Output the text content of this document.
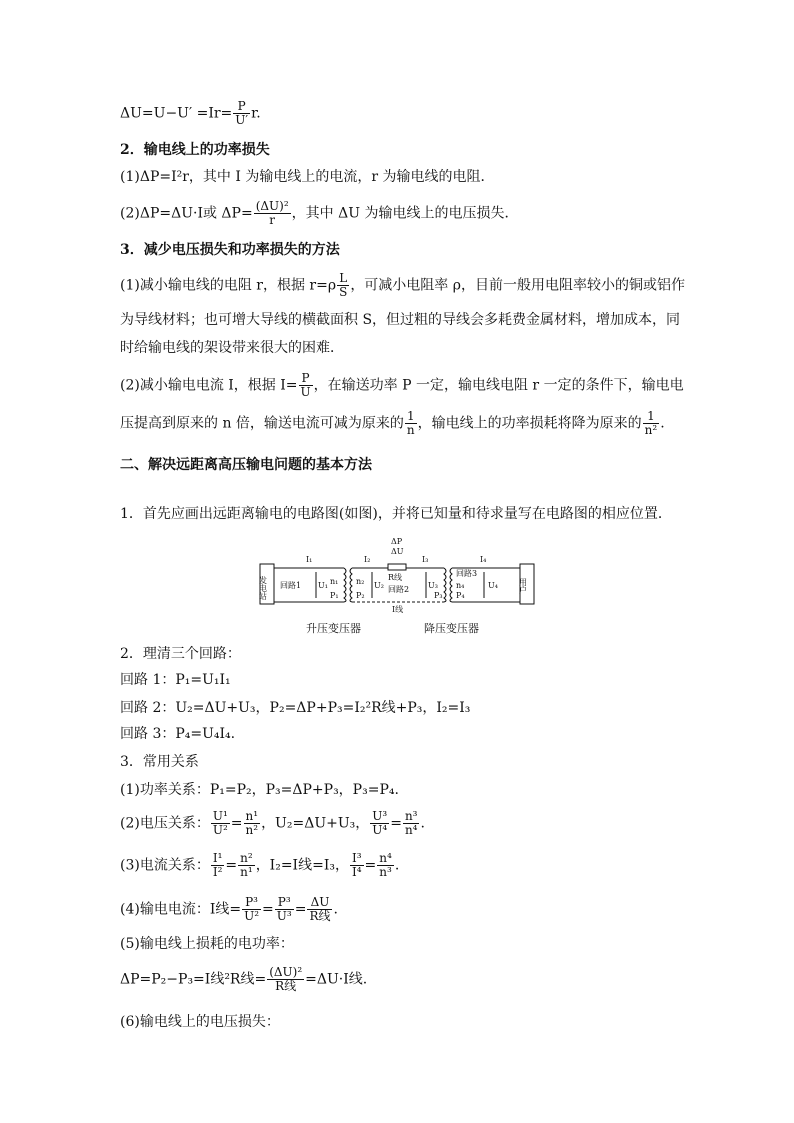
$\Delta U=U-U' =Ir= \frac{P}{U'} r$.
2．输电线上的功率损失
(1)ΔP=I²r，其中 I 为输电线上的电流，r 为输电线的电阻．
(2)ΔP=ΔU·I或 $\Delta P= \frac{\text{(ΔU)²}}{r}$ ，其中 ΔU 为输电线上的电压损失．
3．减少电压损失和功率损失的方法
(1)减小输电线的电阻 r，根据 $r=\rho \frac{L}{S}$ ，可减小电阻率 ρ，目前一般用电阻率较小的铜或铝作
为导线材料；也可增大导线的横截面积 S，但过粗的导线会多耗费金属材料，增加成本，同
时给输电线的架设带来很大的困难．
(2)减小输电电流 I，根据 $I= \frac{P}{U}$ ，在输送功率 P 一定，输电线电阻 r 一定的条件下，输电电
压提高到原来的 n 倍，输送电流可减为原来的 $\frac{1}{n}$ ，输电线上的功率损耗将降为原来的 $\frac{1}{\text{n²}}$ .
二、解决远距离高压输电问题的基本方法
1．首先应画出远距离输电的电路图(如图)，并将已知量和待求量写在电路图的相应位置．
发电站	用户
回路1
I₁
U₁ n₁
P₁
I₂
n₂
P₂
U₂
ΔP
ΔU
R线
回路2
I线
I₃
U₃
P₃
回路3
I₄
n₄
P₄
U₄
升压变压器	降压变压器
2．理清三个回路：
回路 1：P₁=U₁I₁
回路 2：U₂=ΔU+U₃，P₂=ΔP+P₃=I₂²R线+P₃，I₂=I₃
回路 3：P₄=U₄I₄.
3．常用关系
(1)功率关系：P₁=P₂，P₃=ΔP+P₃，P₃=P₄.
(2)电压关系： $\frac{\text{U¹}}{\text{U²}} = \frac{\text{n¹}}{\text{n²}}$ ，U₂=ΔU+U₃， $\frac{\text{U³}}{\text{U⁴}} = \frac{\text{n³}}{\text{n⁴}}$ .
(3)电流关系： $\frac{\text{I¹}}{\text{I²}} = \frac{\text{n²}}{\text{n¹}}$ ，I₂=I线=I₃， $\frac{\text{I³}}{\text{I⁴}} = \frac{\text{n⁴}}{\text{n³}}$ .
(4)输电电流：I线= $\frac{\text{P³}}{\text{U²}} = \frac{\text{P³}}{\text{U³}} = \frac{\Delta U}{\text{R线}}$ .
(5)输电线上损耗的电功率：
ΔP=P₂−P₃=I线²R线= $\frac{\text{(ΔU)²}}{\text{R线}} =\Delta U\cdot I$线.
(6)输电线上的电压损失：
